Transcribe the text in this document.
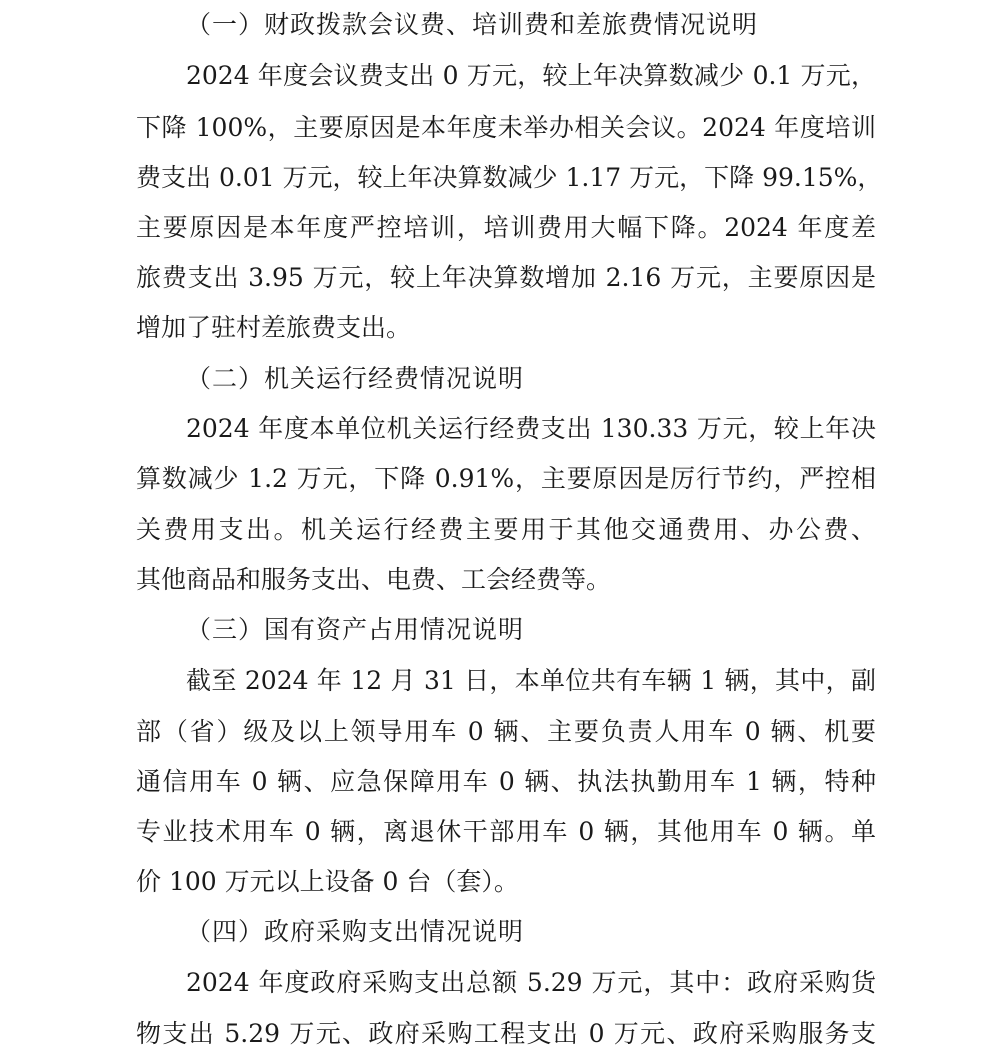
（一）财政拨款会议费、培训费和差旅费情况说明
2024 年度会议费支出 0 万元，较上年决算数减少 0.1 万元，
下降 100%，主要原因是本年度未举办相关会议。2024 年度培训
费支出 0.01 万元，较上年决算数减少 1.17 万元，下降 99.15%，
主要原因是本年度严控培训，培训费用大幅下降。2024 年度差
旅费支出 3.95 万元，较上年决算数增加 2.16 万元，主要原因是
增加了驻村差旅费支出。
（二）机关运行经费情况说明
2024 年度本单位机关运行经费支出 130.33 万元，较上年决
算数减少 1.2 万元，下降 0.91%，主要原因是厉行节约，严控相
关费用支出。机关运行经费主要用于其他交通费用、办公费、
其他商品和服务支出、电费、工会经费等。
（三）国有资产占用情况说明
截至 2024 年 12 月 31 日，本单位共有车辆 1 辆，其中，副
部（省）级及以上领导用车 0 辆、主要负责人用车 0 辆、机要
通信用车 0 辆、应急保障用车 0 辆、执法执勤用车 1 辆，特种
专业技术用车 0 辆，离退休干部用车 0 辆，其他用车 0 辆。单
价 100 万元以上设备 0 台（套）。
（四）政府采购支出情况说明
2024 年度政府采购支出总额 5.29 万元，其中：政府采购货
物支出 5.29 万元、政府采购工程支出 0 万元、政府采购服务支
